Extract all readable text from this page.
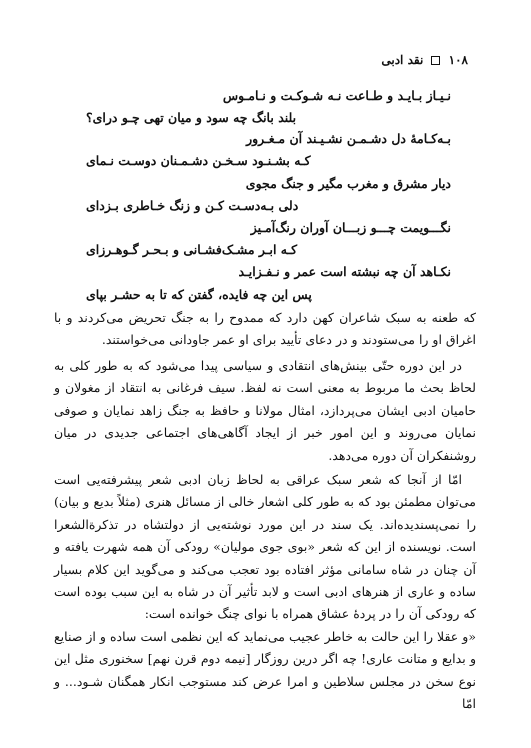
۱۰۸  نقد ادبی
نـیـاز بـایـد و طـاعت نـه شـوکـت و نـامـوس
بلند بانگ چه سود و میان تهی چـو درای؟
بـه‌کـامهٔ دل دشـمـن نشـیـند آن مـغـرور
کـه بشـنـود سـخـن دشـمـنان دوسـت نـمای
دیار مشرق و مغرب مگیر و جنگ مجوی
دلی بـه‌دسـت کـن و زنگ خـاطری بـزدای
نگـــویمت چـــو زبـــان آوران رنگ‌آمـیز
کـه ابـر مشـک‌فشـانی و بـحـر گـوهـرزای
نکـاهد آن چه نبشته است عمر و نـفـزایـد
پس این چه فایده، گفتن که تا به حشـر بپای
که طعنه به سبک شاعران کهن دارد که ممدوح را به جنگ تحریض می‌کردند و با اغراق او را می‌ستودند و در دعای تأیید برای او عمر جاودانی می‌خواستند.
در این دوره حتّی بینش‌های انتقادی و سیاسی پیدا می‌شود که به طور کلی به لحاظ بحث ما مربوط به معنی است نه لفظ. سیف فرغانی به انتقاد از مغولان و حامیان ادبی ایشان می‌پردازد، امثال مولانا و حافظ به جنگ زاهد نمایان و صوفی نمایان می‌روند و این امور خبر از ایجاد آگاهی‌های اجتماعی جدیدی در میان روشنفکران آن دوره می‌دهد.
امّا از آنجا که شعر سبک عراقی به لحاظ زبان ادبی شعر پیشرفته‌یی است می‌توان مطمئن بود که به طور کلی اشعار خالی از مسائل هنری (مثلاً بدیع و بیان) را نمی‌پسندیده‌اند. یک سند در این مورد نوشته‌یی از دولتشاه در تذکرةالشعرا است. نویسنده از این که شعر «بوی جوی مولیان» رودکی آن همه شهرت یافته و آن چنان در شاه سامانی مؤثر افتاده بود تعجب می‌کند و می‌گوید این کلام بسیار ساده و عاری از هنرهای ادبی است و لابد تأثیر آن در شاه به این سبب بوده است که رودکی آن را در پردهٔ عشاق همراه با نوای چنگ خوانده است:
«و عقلا را این حالت به خاطر عجیب می‌نماید که این نظمی است ساده و از صنایع و بدایع و متانت عاری! چه اگر درین روزگار [نیمه دوم قرن نهم] سخنوری مثل این نوع سخن در مجلس سلاطین و امرا عرض کند مستوجب انکار همگنان شـود... و امّا
